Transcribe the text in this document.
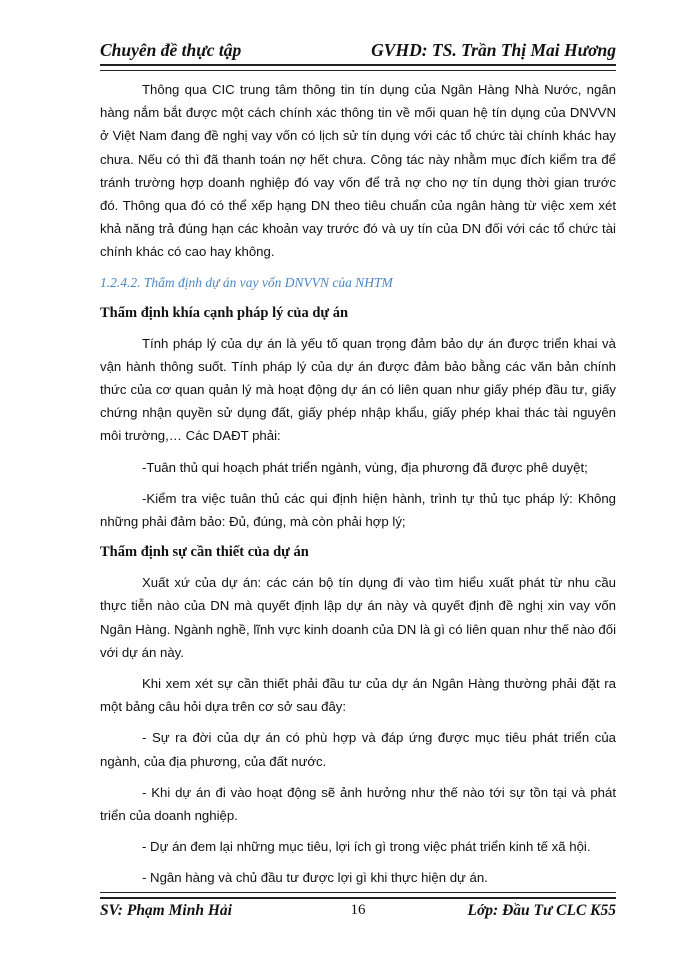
Chuyên đề thực tập	GVHD: TS. Trần Thị Mai Hương

Thông qua CIC trung tâm thông tin tín dụng của Ngân Hàng Nhà Nước, ngân hàng nắm bắt được một cách chính xác thông tin về mối quan hệ tín dụng của DNVVN ở Việt Nam đang đề nghị vay vốn có lịch sử tín dụng với các tổ chức tài chính khác hay chưa. Nếu có thì đã thanh toán nợ hết chưa. Công tác này nhằm mục đích kiểm tra để tránh trường hợp doanh nghiệp đó vay vốn để trả nợ cho nợ tín dụng thời gian trước đó. Thông qua đó có thể xếp hạng DN theo tiêu chuẩn của ngân hàng từ việc xem xét khả năng trả đúng hạn các khoản vay trước đó và uy tín của DN đối với các tổ chức tài chính khác có cao hay không.

1.2.4.2. Thẩm định dự án vay vốn DNVVN của NHTM
Thẩm định khía cạnh pháp lý của dự án

Tính pháp lý của dự án là yếu tố quan trọng đảm bảo dự án được triển khai và vận hành thông suốt. Tính pháp lý của dự án được đảm bảo bằng các văn bản chính thức của cơ quan quản lý mà hoạt động dự án có liên quan như giấy phép đầu tư, giấy chứng nhận quyền sử dụng đất, giấy phép nhập khẩu, giấy phép khai thác tài nguyên môi trường,… Các DAĐT phải:

-Tuân thủ qui hoạch phát triển ngành, vùng, địa phương đã được phê duyệt;

-Kiểm tra việc tuân thủ các qui định hiện hành, trình tự thủ tục pháp lý: Không những phải đảm bảo: Đủ, đúng, mà còn phải hợp lý;

Thẩm định sự cần thiết của dự án

Xuất xứ của dự án: các cán bộ tín dụng đi vào tìm hiểu xuất phát từ nhu cầu thực tiễn nào của DN mà quyết định lập dự án này và quyết định đề nghị xin vay vốn Ngân Hàng. Ngành nghề, lĩnh vực kinh doanh của DN là gì có liên quan như thế nào đối với dự án này.

Khi xem xét sự cần thiết phải đầu tư của dự án Ngân Hàng thường phải đặt ra một bảng câu hỏi dựa trên cơ sở sau đây:

- Sự ra đời của dự án có phù hợp và đáp ứng được mục tiêu phát triển của ngành, của địa phương, của đất nước.

- Khi dự án đi vào hoạt động sẽ ảnh hưởng như thế nào tới sự tồn tại và phát triển của doanh nghiệp.

- Dự án đem lại những mục tiêu, lợi ích gì trong việc phát triển kinh tế xã hội.

- Ngân hàng và chủ đầu tư được lợi gì khi thực hiện dự án.

SV: Phạm Minh Hải	16	Lớp: Đầu Tư CLC K55
